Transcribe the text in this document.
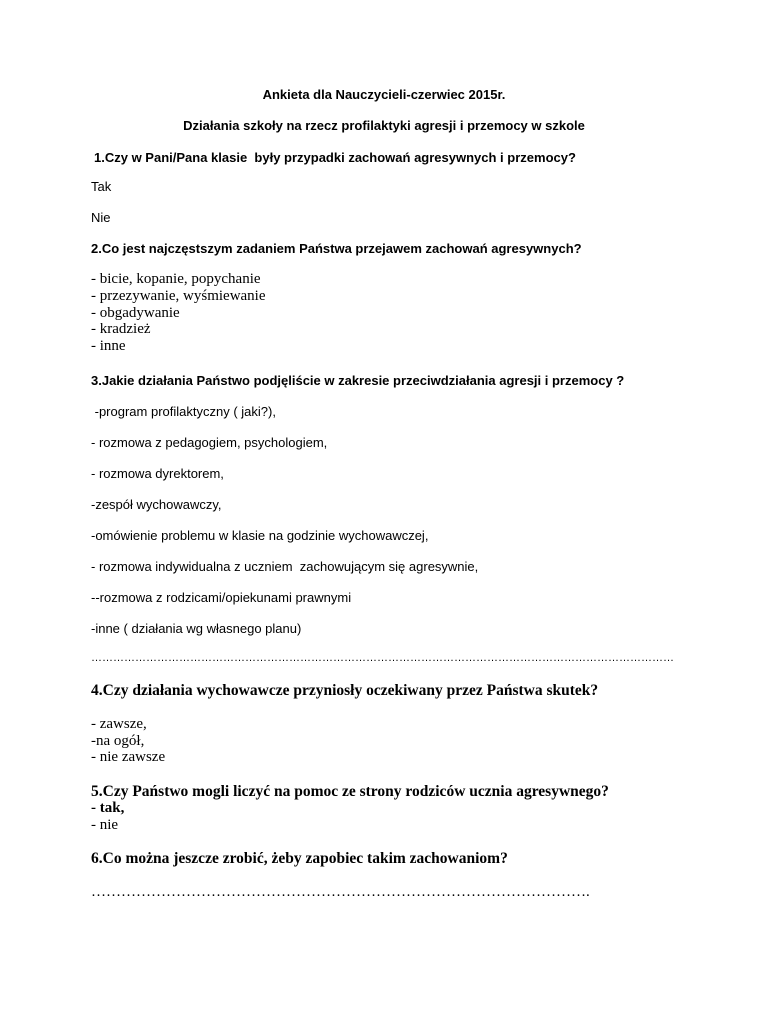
Ankieta dla Nauczycieli-czerwiec 2015r.
Działania szkoły na rzecz profilaktyki agresji i przemocy w szkole
1.Czy w Pani/Pana klasie  były przypadki zachowań agresywnych i przemocy?
Tak
Nie
2.Co jest najczęstszym zadaniem Państwa przejawem zachowań agresywnych?
- bicie, kopanie, popychanie
- przezywanie, wyśmiewanie
- obgadywanie
- kradzież
- inne
3.Jakie działania Państwo podjęliście w zakresie przeciwdziałania agresji i przemocy ?
-program profilaktyczny ( jaki?),
- rozmowa z pedagogiem, psychologiem,
- rozmowa dyrektorem,
-zespół wychowawczy,
-omówienie problemu w klasie na godzinie wychowawczej,
- rozmowa indywidualna z uczniem  zachowującym się agresywnie,
--rozmowa z rodzicami/opiekunami prawnymi
-inne ( działania wg własnego planu)
……………………………………………………………………………………………………………………………………………
4.Czy działania wychowawcze przyniosły oczekiwany przez Państwa skutek?
- zawsze,
-na ogół,
- nie zawsze
5.Czy Państwo mogli liczyć na pomoc ze strony rodziców ucznia agresywnego?
- tak,
- nie
6.Co można jeszcze zrobić, żeby zapobiec takim zachowaniom?
……………………………………………………………………………………….
